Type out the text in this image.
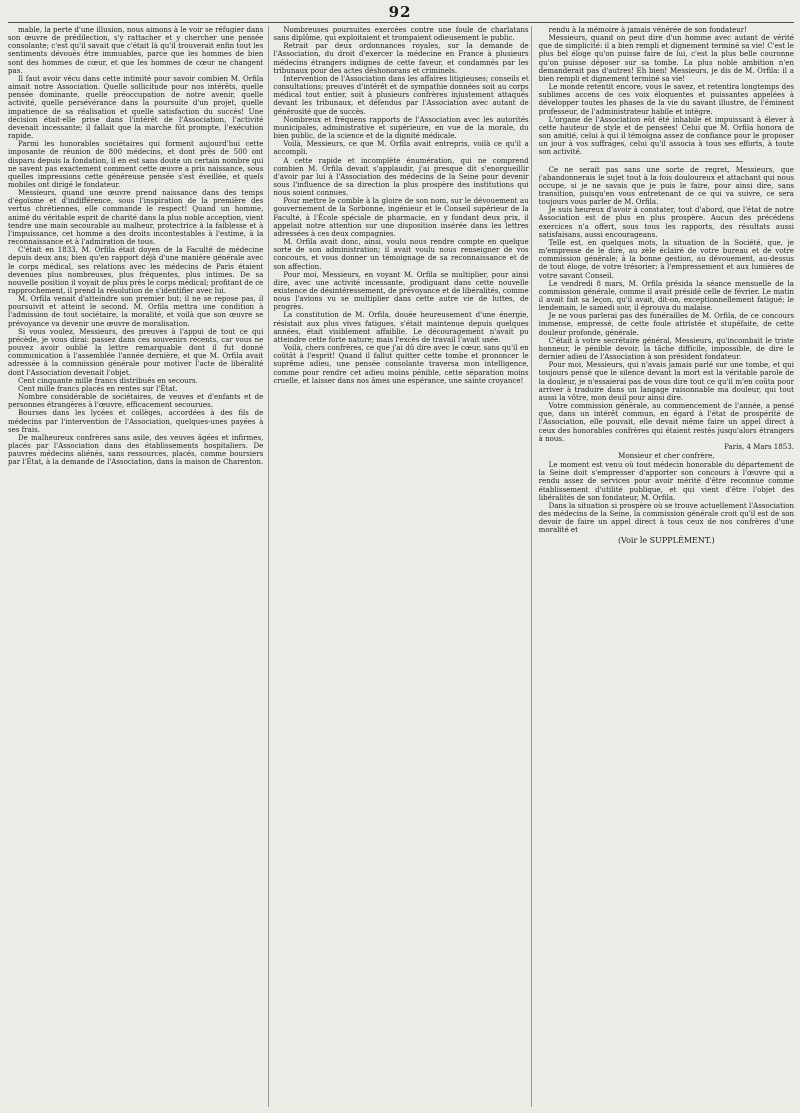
92

mable, la perte d'une illusion, nous aimons à le voir se réfugier dans son œuvre de prédilection, s'y rattacher et y chercher une pensée consolante; c'est qu'il savait que c'était là qu'il trouverait enfin tout les sentiments dévoués être immuables, parce que les hommes de bien sont des hommes de cœur, et que les hommes de cœur ne changent pas.

Il faut avoir vécu dans cette intimité pour savoir combien M. Orfila aimait notre Association. Quelle sollicitude pour nos intérêts, quelle pensée dominante, quelle préoccupation de notre avenir, quelle activité, quelle persévérance dans la poursuite d'un projet, quelle impatience de sa réalisation et quelle satisfaction du succès! Une décision était-elle prise dans l'intérêt de l'Association, l'activité devenait incessante; il fallait que la marche fût prompte, l'exécution rapide.

Parmi les honorables sociétaires qui forment aujourd'hui cette imposante de réunion de 800 médecins, et dont près de 500 ont disparu depuis la fondation, il en est sans doute un certain nombre qui ne savent pas exactement comment cette œuvre a pris naissance, sous quelles impressions cette généreuse pensée s'est éveillée, et quels mobiles ont dirigé le fondateur.

Messieurs, quand une œuvre prend naissance dans des temps d'égoïsme et d'indifférence, sous l'inspiration de la première des vertus chrétiennes, elle commande le respect! Quand un homme, animé du véritable esprit de charité dans la plus noble acception, vient tendre une main secourable au malheur, protectrice à la faiblesse et à l'impuissance, cet homme a des droits incontestables à l'estime, à la reconnaissance et à l'admiration de tous.

C'était en 1833, M. Orfila était doyen de la Faculté de médecine depuis deux ans; bien qu'en rapport déjà d'une manière générale avec le corps médical, ses relations avec les médecins de Paris étaient devenues plus nombreuses, plus fréquentes, plus intimes. De sa nouvelle position il voyait de plus près le corps médical; profitant de ce rapprochement, il prend la résolution de s'identifier avec lui.

M. Orfila venait d'atteindre son premier but; il ne se repose pas, il poursuivit et atteint le second. M. Orfila mettra une condition à l'admission de tout sociétaire, la moralité, et voilà que son œuvre se prévoyance va devenir une œuvre de moralisation.

Si vous voulez, Messieurs, des preuves à l'appui de tout ce qui précède, je vous dirai: passez dans ces souvenirs récents, car vous ne pouvez avoir oublié la lettre remarquable dont il fut donné communication à l'assemblée l'année dernière, et que M. Orfila avait adressée à la commission générale pour motiver l'acte de libéralité dont l'Association devenait l'objet.

Cent cinquante mille francs distribués en secours.

Cent mille francs placés en rentes sur l'État.

Nombre considérable de sociétaires, de veuves et d'enfants et de personnes étrangères à l'œuvre, efficacement secourues.

Bourses dans les lycées et collèges, accordées à des fils de médecins par l'intervention de l'Association, quelques-unes payées à ses frais.

De malheureux confrères sans asile, des veuves âgées et infirmes, placés par l'Association dans des établissements hospitaliers. De pauvres médecins aliénés, sans ressources, placés, comme boursiers par l'État, à la demande de l'Association, dans la maison de Charenton.

Nombreuses poursuites exercées contre une foule de charlatans sans diplôme, qui exploitaient et trompaient odieusement le public.

Retrait par deux ordonnances royales, sur la demande de l'Association, du droit d'exercer la médecine en France à plusieurs médecins étrangers indignes de cette faveur, et condamnés par les tribunaux pour des actes déshonorans et criminels.

Intervention de l'Association dans les affaires litigieuses; conseils et consultations; preuves d'intérêt et de sympathie données soit au corps médical tout entier, soit à plusieurs confrères injustement attaqués devant les tribunaux, et défendus par l'Association avec autant de générosité que de succès.

Nombreux et fréquens rapports de l'Association avec les autorités municipales, administrative et supérieure, en vue de la morale, du bien public, de la science et de la dignité médicale.

Voilà, Messieurs, ce que M. Orfila avait entrepris, voilà ce qu'il a accompli.

A cette rapide et incomplète énumération, qui ne comprend combien M. Orfila devait s'applaudir, j'ai presque dit s'enorgueillir d'avoir par lui à l'Association des médecins de la Seine pour devenir sous l'influence de sa direction la plus prospère des institutions qui nous soient connues.

Pour mettre le comble à la gloire de son nom, sur le dévouement au gouvernement de la Sorbonne, ingénieur et le Conseil supérieur de la Faculté, à l'École spéciale de pharmacie, en y fondant deux prix, il appelait notre attention sur une disposition insérée dans les lettres adressées à ces deux compagnies.

M. Orfila avait donc, ainsi, voulu nous rendre compte en quelque sorte de son administration; il avait voulu nous renseigner de vos concours, et vous donner un témoignage de sa reconnaissance et de son affection.

Pour moi, Messieurs, en voyant M. Orfila se multiplier, pour ainsi dire, avec une activité incessante, prodiguant dans cette nouvelle existence de désintéressement, de prévoyance et de libéralités, comme nous l'avions vu se multiplier dans cette autre vie de luttes, de progrès.

La constitution de M. Orfila, douée heureusement d'une énergie, résistait aux plus vives fatigues, s'était maintenue depuis quelques années, était visiblement affaiblie. Le découragement n'avait pu atteindre cette forte nature; mais l'excès de travail l'avait usée.

Voilà, chers confrères, ce que j'ai dû dire avec le cœur, sans qu'il en coûtât à l'esprit! Quand il fallut quitter cette tombe et prononcer le suprême adieu, une pensée consolante traversa mon intelligence, comme pour rendre cet adieu moins pénible, cette séparation moins cruelle, et laisser dans nos âmes une espérance, une sainte croyance!

rendu à la mémoire à jamais vénérée de son fondateur!

Messieurs, quand on peut dire d'un homme avec autant de vérité que de simplicité: il a bien rempli et dignement terminé sa vie! C'est le plus bel éloge qu'on puisse faire de lui, c'est la plus belle couronne qu'on puisse déposer sur sa tombe. La plus noble ambition n'en demanderait pas d'autres! Eh bien! Messieurs, je dis de M. Orfila: il a bien rempli et dignement terminé sa vie!

Le monde retentit encore, vous le savez, et retentira longtemps des sublimes accens de ces voix éloquentes et puissantes appelées à développer toutes les phases de la vie du savant illustre, de l'éminent professeur, de l'administrateur habile et intègre.

L'organe de l'Association eût été inhabile et impuissant à élever à cette hauteur de style et de pensées! Celui que M. Orfila honora de son amitié, celui à qui il témoigna assez de confiance pour le proposer un jour à vos suffrages, celui qu'il associa à tous ses efforts, à toute son activité.

Ce ne serait pas sans une sorte de regret, Messieurs, que j'abandonnerais le sujet tout à la fois douloureux et attachant qui nous occupe, si je ne savais que je puis le faire, pour ainsi dire, sans transition, puisqu'en vous entretenant de ce qui va suivre, ce sera toujours vous parler de M. Orfila.

Je suis heureux d'avoir à constater, tout d'abord, que l'état de notre Association est de plus en plus prospère. Aucun des précédens exercices n'a offert, sous tous les rapports, des résultats aussi satisfaisans, aussi encourageans.

Telle est, en quelques mots, la situation de la Société, que, je m'empresse de le dire, au zèle éclairé de votre bureau et de votre commission générale; à la bonne gestion, au dévouement, au-dessus de tout éloge, de votre trésorier; à l'empressement et aux lumières de votre savant Conseil.

Le vendredi 8 mars, M. Orfila présida la séance mensuelle de la commission générale, comme il avait présidé celle de février. Le matin il avait fait sa leçon, qu'il avait, dit-on, exceptionnellement fatigué; le lendemain, le samedi soir, il éprouva du malaise.

Je ne vous parlerai pas des funérailles de M. Orfila, de ce concours immense, empressé, de cette foule attristée et stupéfaite, de cette douleur profonde, générale.

C'était à votre secrétaire général, Messieurs, qu'incombait le triste honneur, le pénible devoir, la tâche difficile, impossible, de dire le dernier adieu de l'Association à son président fondateur.

Pour moi, Messieurs, qui n'avais jamais parlé sur une tombe, et qui toujours pensé que le silence devant la mort est la véritable parole de la douleur, je n'essaierai pas de vous dire tout ce qu'il m'en coûta pour arriver à traduire dans un langage raisonnable ma douleur, qui tout aussi la vôtre, mon deuil pour ainsi dire.

Votre commission générale, au commencement de l'année, a pensé que, dans un intérêt commun, en égard à l'état de prospérité de l'Association, elle pouvait, elle devait même faire un appel direct à ceux des honorables confrères qui étaient restés jusqu'alors étrangers à nous.

Paris, 4 Mars 1853.

Monsieur et cher confrère,

Le moment est venu où tout médecin honorable du département de la Seine doit s'empresser d'apporter son concours à l'œuvre qui a rendu assez de services pour avoir mérité d'être reconnue comme établissement d'utilité publique, et qui vient d'être l'objet des libéralités de son fondateur, M. Orfila.

Dans la situation si prospère où se trouve actuellement l'Association des médecins de la Seine, la commission générale croit qu'il est de son devoir de faire un appel direct à tous ceux de nos confrères d'une moralité et

(Voir le SUPPLÉMENT.)
